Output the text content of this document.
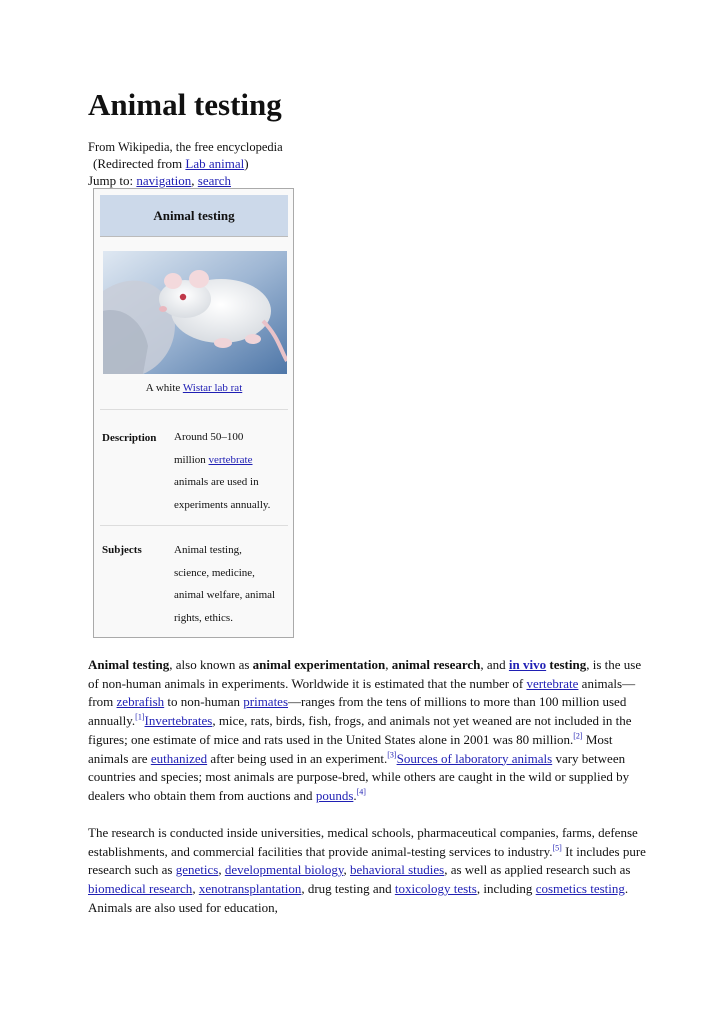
Animal testing
From Wikipedia, the free encyclopedia
(Redirected from Lab animal)
Jump to: navigation, search
Animal testing
A white Wistar lab rat
Description Around 50–100
million vertebrate
animals are used in
experiments annually.
Subjects	Animal testing,
science, medicine,
animal welfare, animal
rights, ethics.

Animal testing, also known as animal experimentation, animal research, and in vivo testing, is the use of non-human animals in experiments. Worldwide it is estimated that the number of vertebrate animals—from zebrafish to non-human primates—ranges from the tens of millions to more than 100 million used annually.[1]Invertebrates, mice, rats, birds, fish, frogs, and animals not yet weaned are not included in the figures; one estimate of mice and rats used in the United States alone in 2001 was 80 million.[2] Most animals are euthanized after being used in an experiment.[3]Sources of laboratory animals vary between countries and species; most animals are purpose-bred, while others are caught in the wild or supplied by dealers who obtain them from auctions and pounds.[4]

The research is conducted inside universities, medical schools, pharmaceutical companies, farms, defense establishments, and commercial facilities that provide animal-testing services to industry.[5] It includes pure research such as genetics, developmental biology, behavioral studies, as well as applied research such as biomedical research, xenotransplantation, drug testing and toxicology tests, including cosmetics testing. Animals are also used for education,
